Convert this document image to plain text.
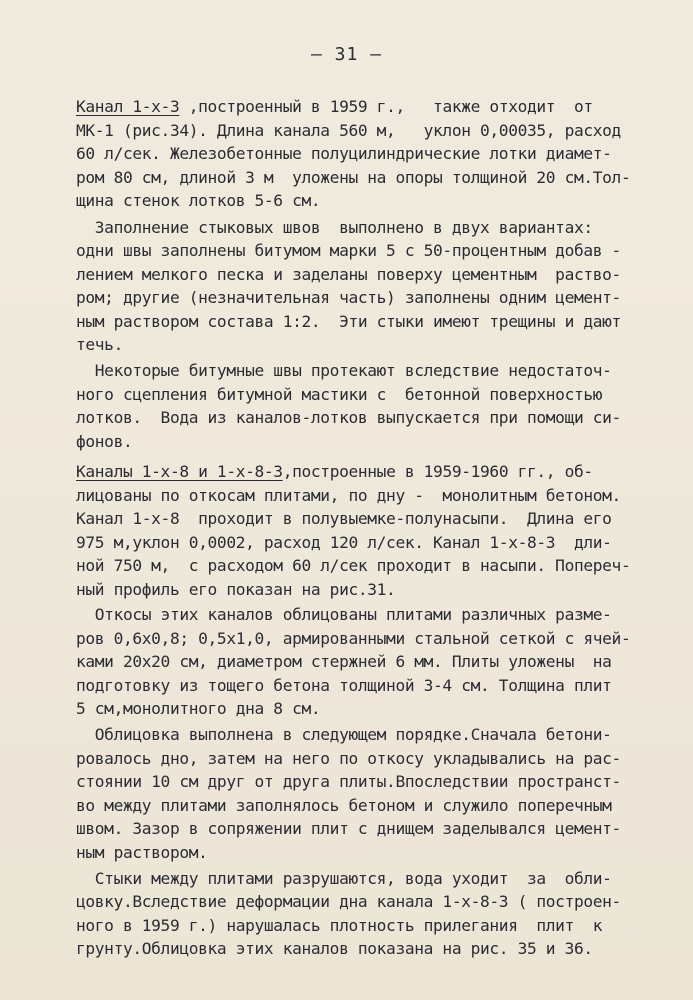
— 31 —
Канал 1-х-3 ,построенный в 1959 г.,   также отходит  от
МК-1 (рис.34). Длина канала 560 м,   уклон 0,00035, расход
60 л/сек. Железобетонные полуцилиндрические лотки диамет-
ром 80 см, длиной 3 м  уложены на опоры толщиной 20 см.Тол-
щина стенок лотков 5-6 см.
Заполнение стыковых швов  выполнено в двух вариантах:
одни швы заполнены битумом марки 5 с 50-процентным добав -
лением мелкого песка и заделаны поверху цементным  раство-
ром; другие (незначительная часть) заполнены одним цемент-
ным раствором состава 1:2.  Эти стыки имеют трещины и дают
течь.
Некоторые битумные швы протекают вследствие недостаточ-
ного сцепления битумной мастики с  бетонной поверхностью
лотков.  Вода из каналов-лотков выпускается при помощи си-
фонов.
Каналы 1-х-8 и 1-х-8-3,построенные в 1959-1960 гг., об-
лицованы по откосам плитами, по дну -  монолитным бетоном.
Канал 1-х-8  проходит в полувыемке-полунасыпи.  Длина его
975 м,уклон 0,0002, расход 120 л/сек. Канал 1-х-8-3  дли-
ной 750 м,  с расходом 60 л/сек проходит в насыпи. Попереч-
ный профиль его показан на рис.31.
Откосы этих каналов облицованы плитами различных разме-
ров 0,6х0,8; 0,5х1,0, армированными стальной сеткой с ячей-
ками 20х20 см, диаметром стержней 6 мм. Плиты уложены  на
подготовку из тощего бетона толщиной 3-4 см. Толщина плит
5 см,монолитного дна 8 см.
Облицовка выполнена в следующем порядке.Сначала бетони-
ровалось дно, затем на него по откосу укладывались на рас-
стоянии 10 см друг от друга плиты.Впоследствии пространст-
во между плитами заполнялось бетоном и служило поперечным
швом. Зазор в сопряжении плит с днищем заделывался цемент-
ным раствором.
Стыки между плитами разрушаются, вода уходит  за  обли-
цовку.Вследствие деформации дна канала 1-х-8-3 ( построен-
ного в 1959 г.) нарушалась плотность прилегания  плит  к
грунту.Облицовка этих каналов показана на рис. 35 и 36.
